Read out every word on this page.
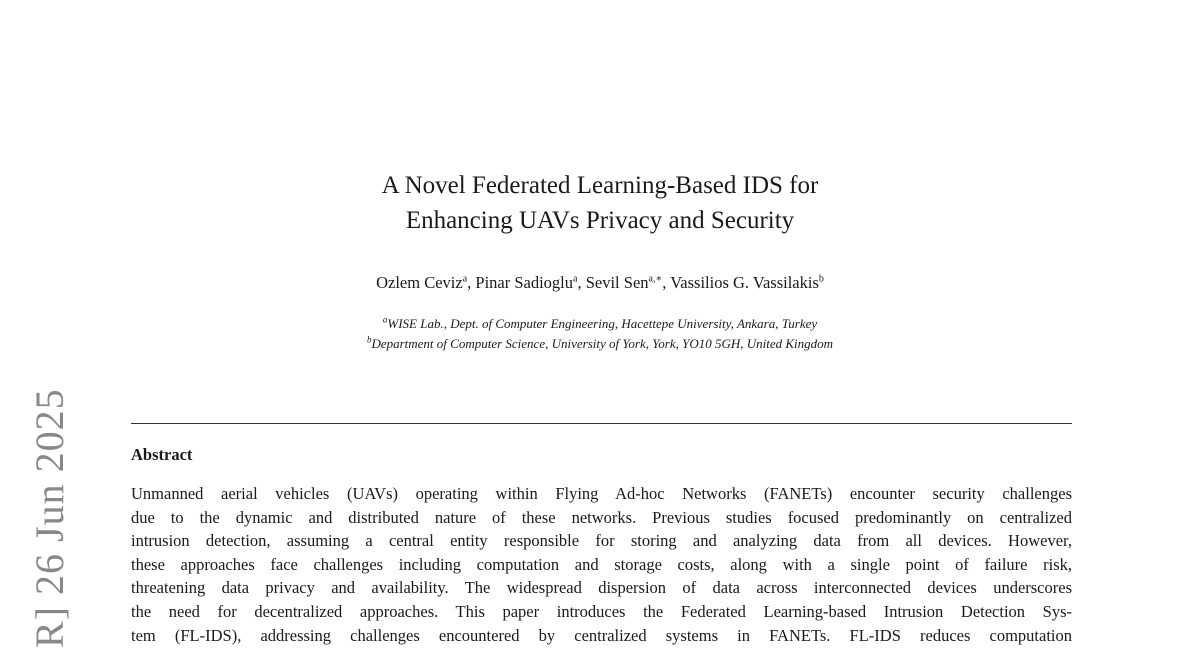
A Novel Federated Learning-Based IDS for
Enhancing UAVs Privacy and Security
Ozlem Ceviz$^a$, Pinar Sadioglu$^a$, Sevil Sen$^{a,∗}$, Vassilios G. Vassilakis$^b$
$^a$WISE Lab., Dept. of Computer Engineering, Hacettepe University, Ankara, Turkey
$^b$Department of Computer Science, University of York, York, YO10 5GH, United Kingdom
Abstract
Unmanned aerial vehicles (UAVs) operating within Flying Ad-hoc Networks (FANETs) encounter security challenges
due to the dynamic and distributed nature of these networks. Previous studies focused predominantly on centralized
intrusion detection, assuming a central entity responsible for storing and analyzing data from all devices. However,
these approaches face challenges including computation and storage costs, along with a single point of failure risk,
threatening data privacy and availability. The widespread dispersion of data across interconnected devices underscores
the need for decentralized approaches. This paper introduces the Federated Learning-based Intrusion Detection Sys-
tem (FL-IDS), addressing challenges encountered by centralized systems in FANETs. FL-IDS reduces computation
R] 26 Jun 2025
